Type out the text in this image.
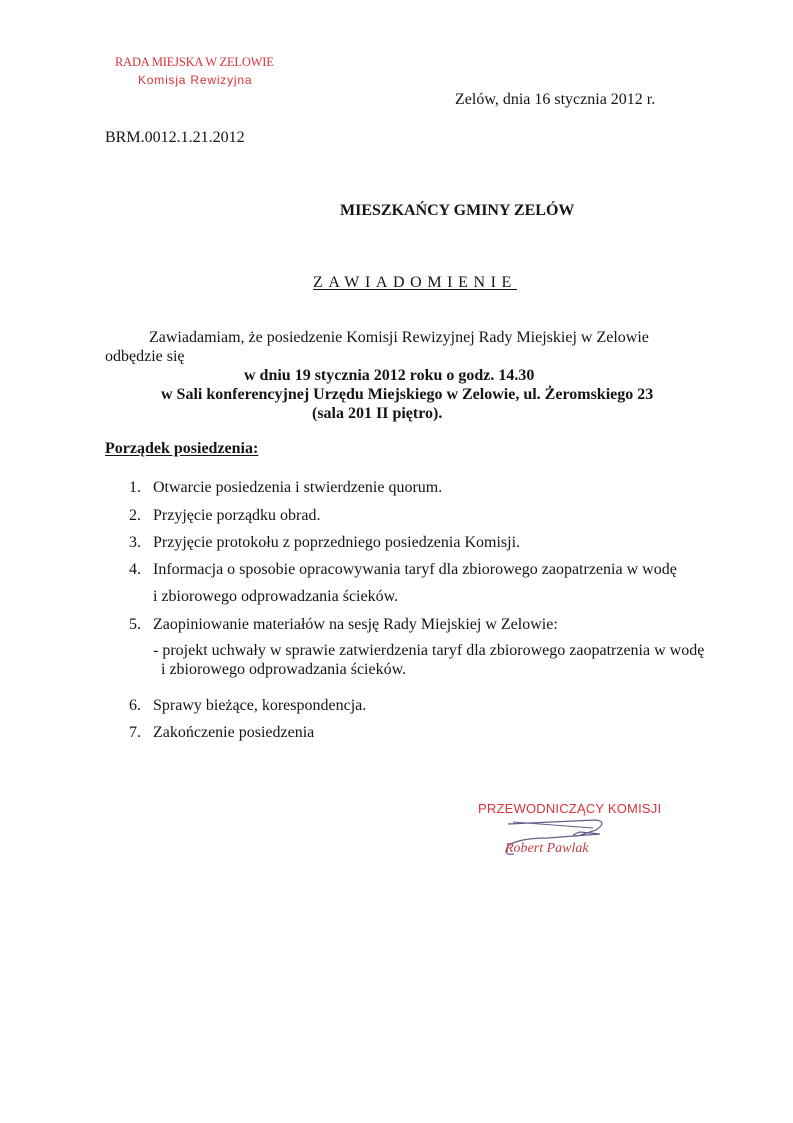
RADA MIEJSKA W ZELOWIE
Komisja Rewizyjna
Zelów, dnia 16 stycznia 2012 r.
BRM.0012.1.21.2012
MIESZKAŃCY GMINY ZELÓW
ZAWIADOMIENIE
Zawiadamiam, że posiedzenie Komisji Rewizyjnej Rady Miejskiej w Zelowie
odbędzie się
w dniu 19 stycznia 2012 roku o godz. 14.30
w Sali konferencyjnej Urzędu Miejskiego w Zelowie, ul. Żeromskiego 23
(sala 201 II piętro).
Porządek posiedzenia:
1. Otwarcie posiedzenia i stwierdzenie quorum.
2. Przyjęcie porządku obrad.
3. Przyjęcie protokołu z poprzedniego posiedzenia Komisji.
4. Informacja o sposobie opracowywania taryf dla zbiorowego zaopatrzenia w wodę
i zbiorowego odprowadzania ścieków.
5. Zaopiniowanie materiałów na sesję Rady Miejskiej w Zelowie:
- projekt uchwały w sprawie zatwierdzenia taryf dla zbiorowego zaopatrzenia w wodę
i zbiorowego odprowadzania ścieków.
6. Sprawy bieżące, korespondencja.
7. Zakończenie posiedzenia
PRZEWODNICZĄCY KOMISJI
Robert Pawlak
